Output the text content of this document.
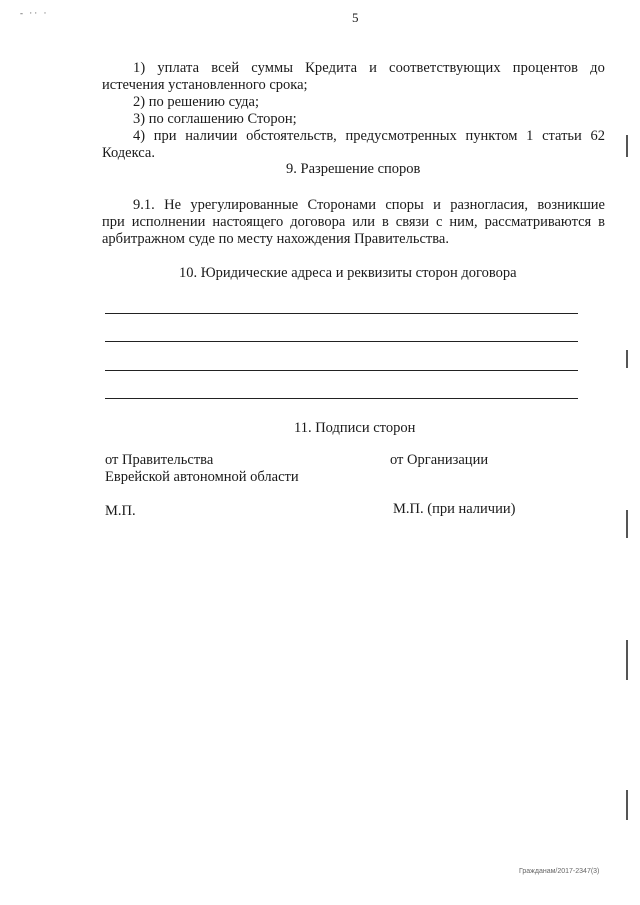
- ·· ·	5
1) уплата всей суммы Кредита и соответствующих процентов до
истечения установленного срока;
2) по решению суда;
3) по соглашению Сторон;
4) при наличии обстоятельств, предусмотренных пунктом 1 статьи 62
Кодекса.
9. Разрешение споров
9.1. Не урегулированные Сторонами споры и разногласия, возникшие
при исполнении настоящего договора или в связи с ним, рассматриваются в
арбитражном суде по месту нахождения Правительства.
10. Юридические адреса и реквизиты сторон договора
11. Подписи сторон
от Правительства
Еврейской автономной области
от Организации
М.П.	М.П. (при наличии)
Гражданам/2017-2347(3)
